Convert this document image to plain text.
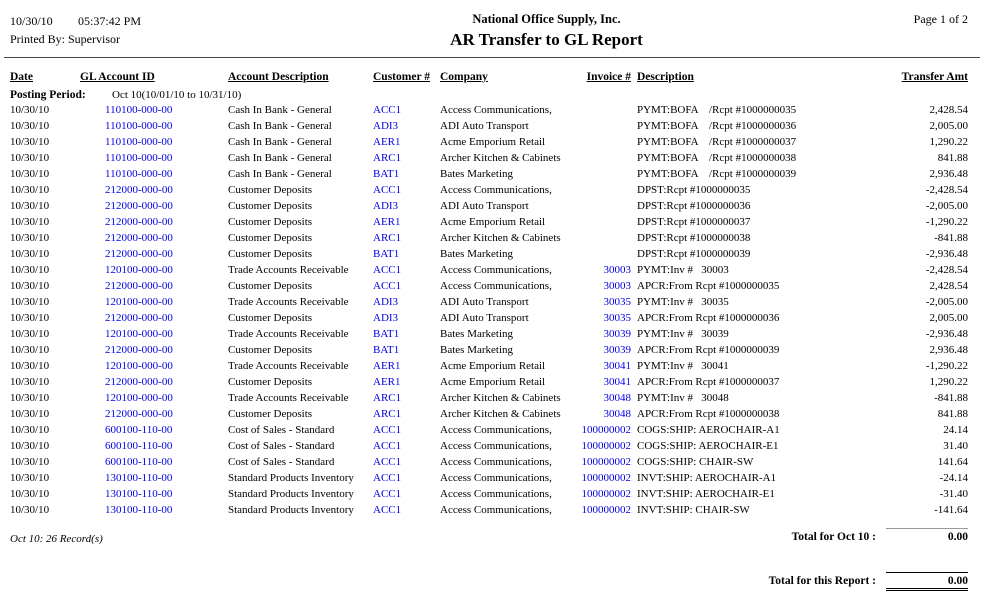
10/30/10 05:37:42 PM
Printed By: Supervisor
National Office Supply, Inc.
AR Transfer to GL Report
Page 1 of 2
Date	GL Account ID	Account Description	Customer #	Company	Invoice #	Description	Transfer Amt
Posting Period: Oct 10(10/01/10 to 10/31/10)							
10/30/10	110100-000-00	Cash In Bank - General	ACC1	Access Communications,		PYMT:BOFA    /Rcpt #1000000035	2,428.54
10/30/10	110100-000-00	Cash In Bank - General	ADI3	ADI Auto Transport		PYMT:BOFA    /Rcpt #1000000036	2,005.00
10/30/10	110100-000-00	Cash In Bank - General	AER1	Acme Emporium Retail		PYMT:BOFA    /Rcpt #1000000037	1,290.22
10/30/10	110100-000-00	Cash In Bank - General	ARC1	Archer Kitchen & Cabinets		PYMT:BOFA    /Rcpt #1000000038	841.88
10/30/10	110100-000-00	Cash In Bank - General	BAT1	Bates Marketing		PYMT:BOFA    /Rcpt #1000000039	2,936.48
10/30/10	212000-000-00	Customer Deposits	ACC1	Access Communications,		DPST:Rcpt #1000000035	-2,428.54
10/30/10	212000-000-00	Customer Deposits	ADI3	ADI Auto Transport		DPST:Rcpt #1000000036	-2,005.00
10/30/10	212000-000-00	Customer Deposits	AER1	Acme Emporium Retail		DPST:Rcpt #1000000037	-1,290.22
10/30/10	212000-000-00	Customer Deposits	ARC1	Archer Kitchen & Cabinets		DPST:Rcpt #1000000038	-841.88
10/30/10	212000-000-00	Customer Deposits	BAT1	Bates Marketing		DPST:Rcpt #1000000039	-2,936.48
10/30/10	120100-000-00	Trade Accounts Receivable	ACC1	Access Communications,	30003	PYMT:Inv #   30003	-2,428.54
10/30/10	212000-000-00	Customer Deposits	ACC1	Access Communications,	30003	APCR:From Rcpt #1000000035	2,428.54
10/30/10	120100-000-00	Trade Accounts Receivable	ADI3	ADI Auto Transport	30035	PYMT:Inv #   30035	-2,005.00
10/30/10	212000-000-00	Customer Deposits	ADI3	ADI Auto Transport	30035	APCR:From Rcpt #1000000036	2,005.00
10/30/10	120100-000-00	Trade Accounts Receivable	BAT1	Bates Marketing	30039	PYMT:Inv #   30039	-2,936.48
10/30/10	212000-000-00	Customer Deposits	BAT1	Bates Marketing	30039	APCR:From Rcpt #1000000039	2,936.48
10/30/10	120100-000-00	Trade Accounts Receivable	AER1	Acme Emporium Retail	30041	PYMT:Inv #   30041	-1,290.22
10/30/10	212000-000-00	Customer Deposits	AER1	Acme Emporium Retail	30041	APCR:From Rcpt #1000000037	1,290.22
10/30/10	120100-000-00	Trade Accounts Receivable	ARC1	Archer Kitchen & Cabinets	30048	PYMT:Inv #   30048	-841.88
10/30/10	212000-000-00	Customer Deposits	ARC1	Archer Kitchen & Cabinets	30048	APCR:From Rcpt #1000000038	841.88
10/30/10	600100-110-00	Cost of Sales - Standard	ACC1	Access Communications,	100000002	COGS:SHIP: AEROCHAIR-A1	24.14
10/30/10	600100-110-00	Cost of Sales - Standard	ACC1	Access Communications,	100000002	COGS:SHIP: AEROCHAIR-E1	31.40
10/30/10	600100-110-00	Cost of Sales - Standard	ACC1	Access Communications,	100000002	COGS:SHIP: CHAIR-SW	141.64
10/30/10	130100-110-00	Standard Products Inventory	ACC1	Access Communications,	100000002	INVT:SHIP: AEROCHAIR-A1	-24.14
10/30/10	130100-110-00	Standard Products Inventory	ACC1	Access Communications,	100000002	INVT:SHIP: AEROCHAIR-E1	-31.40
10/30/10	130100-110-00	Standard Products Inventory	ACC1	Access Communications,	100000002	INVT:SHIP: CHAIR-SW	-141.64
Oct 10: 26 Record(s)	Total for Oct 10 :	0.00
Total for this Report :	0.00
